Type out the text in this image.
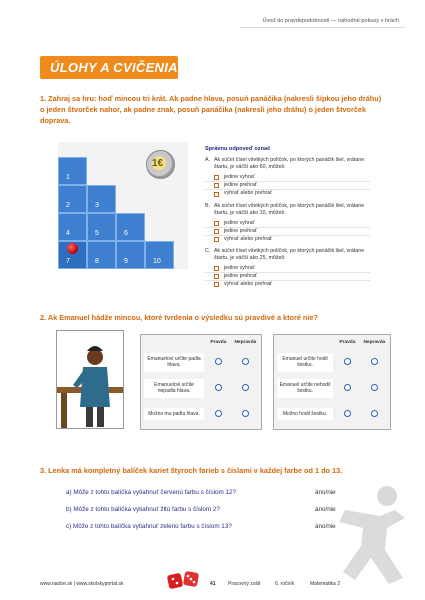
Úvod do pravdepodobnosti — náhodné pokusy v hrách
ÚLOHY A CVIČENIA
1. Zahraj sa hru: hoď mincou tri krát. Ak padne hlava, posuň panáčika (nakresli šípkou jeho dráhu) o jeden štvorček nahor, ak padne znak, posuň panáčika (nakresli jeho dráhu) o jeden štvorček doprava.
1
2	3
4	5	6
7	8	9	10
1€
Správnu odpoveď označ
A. Ak súčet čísel všetkých políčok, po ktorých panáčik šiel, vrátane štartu, je väčší ako 60, môžeš:
jedine vyhrať
jedine prehrať
vyhrať alebo prehrať
B. Ak súčet čísel všetkých políčok, po ktorých panáčik šiel, vrátane štartu, je väčší ako 10, môžeš:
jedine vyhrať
jedine prehrať
vyhrať alebo prehrať
C. Ak súčet čísel všetkých políčok, po ktorých panáčik šiel, vrátane štartu, je väčší ako 25, môžeš:
jedine vyhrať
jedine prehrať
vyhrať alebo prehrať
2. Ak Emanuel hádže mincou, ktoré tvrdenia o výsledku sú pravdivé a ktoré nie?
	Pravda	Nepravda

Emanuelovi určite padla hlava.		

Emanuelovi určite nepadla hlava.		

Možno mu padla hlava.		

	Pravda	Nepravda

Emanuel určite hodil šestku.		

Emanuel určite nehodil šestku.		

Možno hodil šestku.		

3. Lenka má kompletný balíček kariet štyroch farieb s číslami v každej farbe od 1 do 13.
a) Môže z tohto balíčka vytiahnuť červenú farbu s číslom 12?	áno/nie
b) Môže z tohto balíčka vytiahnuť žltú farbu s číslom 2?	áno/nie
c) Môže z tohto balíčka vytiahnuť zelenú farbu s číslom 13?	áno/nie
www.naobe.sk | www.skolskyportal.sk	41 Pracovný zošit	6. ročník	Matematika 2
